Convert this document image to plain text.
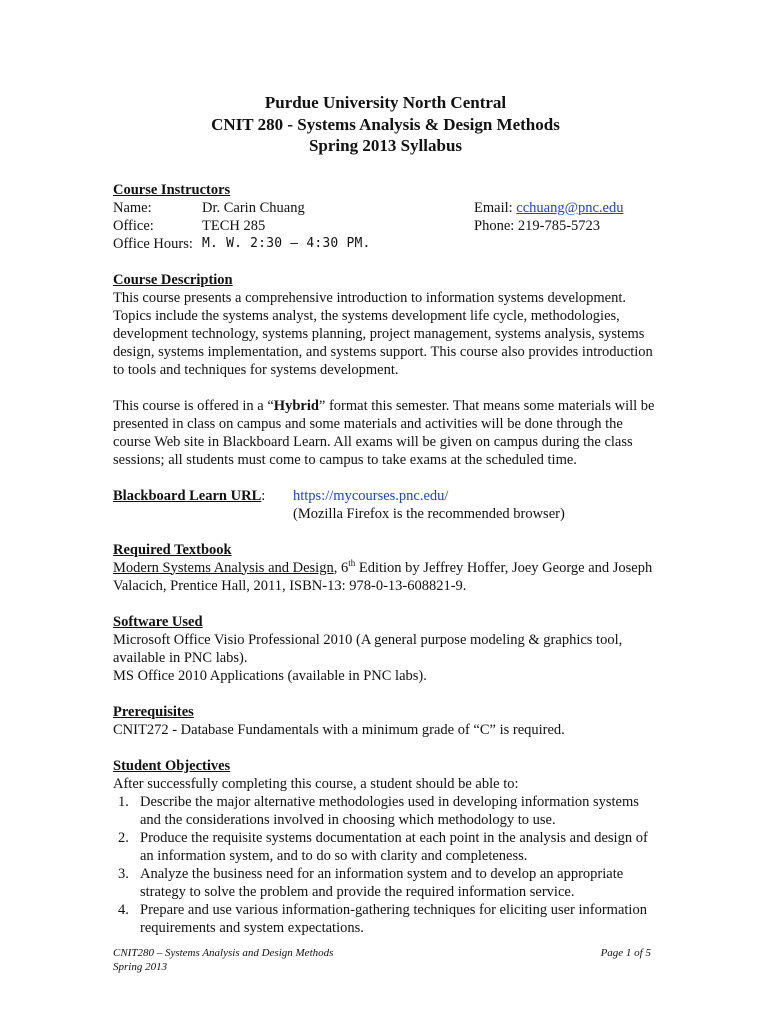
Purdue University North Central
CNIT 280 - Systems Analysis & Design Methods
Spring 2013 Syllabus
Course Instructors
Name:	Dr. Carin Chuang	Email: cchuang@pnc.edu
Office:	TECH 285	Phone: 219-785-5723
Office Hours: M. W. 2:30 – 4:30 PM.
Course Description

This course presents a comprehensive introduction to information systems development. Topics include the systems analyst, the systems development life cycle, methodologies, development technology, systems planning, project management, systems analysis, systems design, systems implementation, and systems support. This course also provides introduction to tools and techniques for systems development.

This course is offered in a “Hybrid” format this semester. That means some materials will be presented in class on campus and some materials and activities will be done through the course Web site in Blackboard Learn. All exams will be given on campus during the class sessions; all students must come to campus to take exams at the scheduled time.

Blackboard Learn URL: https://mycourses.pnc.edu/
(Mozilla Firefox is the recommended browser)
Required Textbook

Modern Systems Analysis and Design, 6th Edition by Jeffrey Hoffer, Joey George and Joseph Valacich, Prentice Hall, 2011, ISBN-13: 978-0-13-608821-9.

Software Used

Microsoft Office Visio Professional 2010 (A general purpose modeling & graphics tool, available in PNC labs).

MS Office 2010 Applications (available in PNC labs).

Prerequisites

CNIT272 - Database Fundamentals with a minimum grade of “C” is required.

Student Objectives

After successfully completing this course, a student should be able to:

1. Describe the major alternative methodologies used in developing information systems and the considerations involved in choosing which methodology to use.
2. Produce the requisite systems documentation at each point in the analysis and design of an information system, and to do so with clarity and completeness.
3. Analyze the business need for an information system and to develop an appropriate strategy to solve the problem and provide the required information service.
4. Prepare and use various information-gathering techniques for eliciting user information requirements and system expectations.
CNIT280 – Systems Analysis and Design Methods
Spring 2013
Page 1 of 5
